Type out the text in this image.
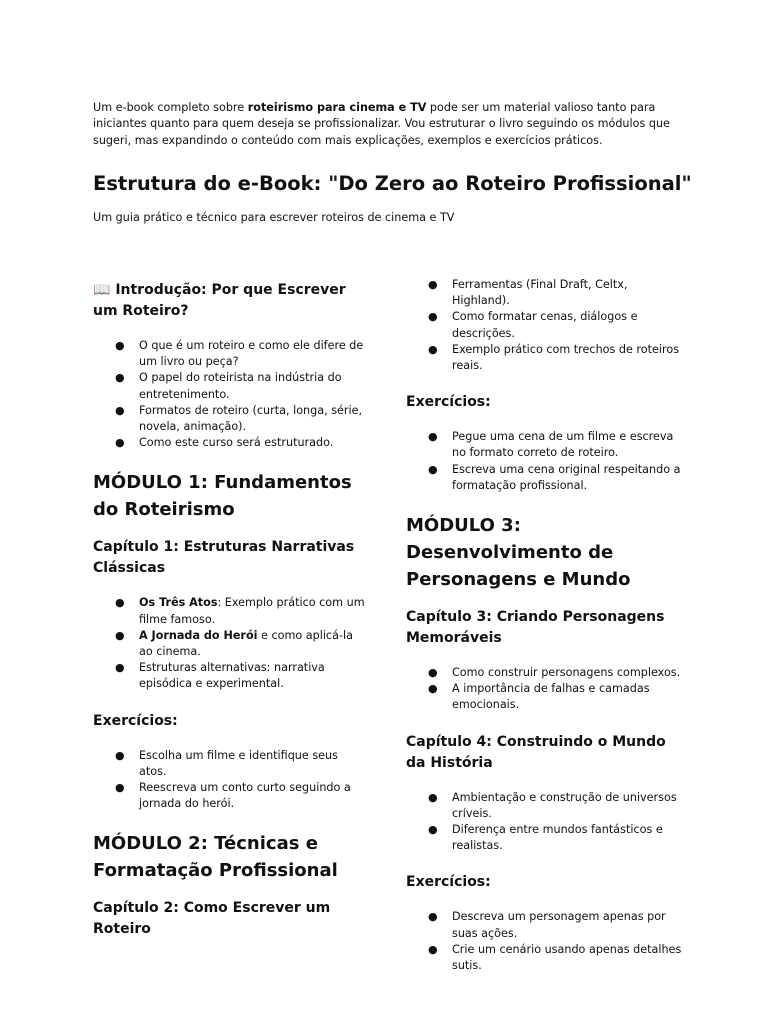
Um e-book completo sobre roteirismo para cinema e TV pode ser um material valioso tanto para iniciantes quanto para quem deseja se profissionalizar. Vou estruturar o livro seguindo os módulos que sugeri, mas expandindo o conteúdo com mais explicações, exemplos e exercícios práticos.

Estrutura do e-Book: "Do Zero ao Roteiro Profissional"

Um guia prático e técnico para escrever roteiros de cinema e TV

📖 Introdução: Por que Escrever um Roteiro?
● O que é um roteiro e como ele difere de um livro ou peça?
● O papel do roteirista na indústria do entretenimento.
● Formatos de roteiro (curta, longa, série, novela, animação).
● Como este curso será estruturado.
MÓDULO 1: Fundamentos do Roteirismo
Capítulo 1: Estruturas Narrativas Clássicas
● Os Três Atos: Exemplo prático com um filme famoso.
● A Jornada do Herói e como aplicá-la ao cinema.
● Estruturas alternativas: narrativa episódica e experimental.
Exercícios:
● Escolha um filme e identifique seus atos.
● Reescreva um conto curto seguindo a jornada do herói.
MÓDULO 2: Técnicas e Formatação Profissional
Capítulo 2: Como Escrever um Roteiro
● Ferramentas (Final Draft, Celtx, Highland).
● Como formatar cenas, diálogos e descrições.
● Exemplo prático com trechos de roteiros reais.
Exercícios:
● Pegue uma cena de um filme e escreva no formato correto de roteiro.
● Escreva uma cena original respeitando a formatação profissional.
MÓDULO 3: Desenvolvimento de Personagens e Mundo
Capítulo 3: Criando Personagens Memoráveis
● Como construir personagens complexos.
● A importância de falhas e camadas emocionais.
Capítulo 4: Construindo o Mundo da História
● Ambientação e construção de universos críveis.
● Diferença entre mundos fantásticos e realistas.
Exercícios:
● Descreva um personagem apenas por suas ações.
● Crie um cenário usando apenas detalhes sutis.
